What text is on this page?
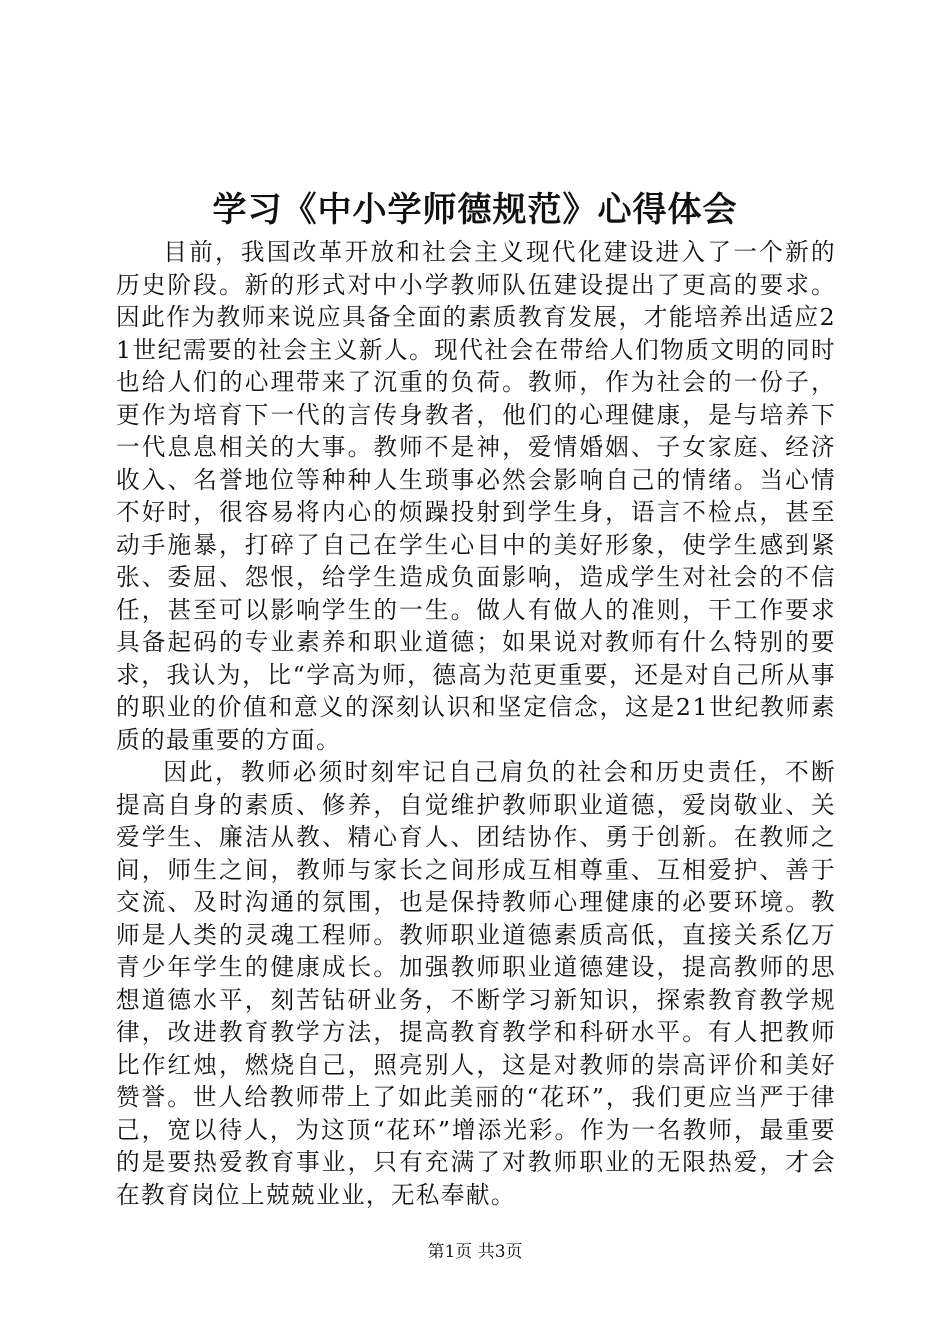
学习《中小学师德规范》心得体会

目前，我国改革开放和社会主义现代化建设进入了一个新的历史阶段。新的形式对中小学教师队伍建设提出了更高的要求。因此作为教师来说应具备全面的素质教育发展，才能培养出适应21世纪需要的社会主义新人。现代社会在带给人们物质文明的同时也给人们的心理带来了沉重的负荷。教师，作为社会的一份子，更作为培育下一代的言传身教者，他们的心理健康，是与培养下一代息息相关的大事。教师不是神，爱情婚姻、子女家庭、经济收入、名誉地位等种种人生琐事必然会影响自己的情绪。当心情不好时，很容易将内心的烦躁投射到学生身，语言不检点，甚至动手施暴，打碎了自己在学生心目中的美好形象，使学生感到紧张、委屈、怨恨，给学生造成负面影响，造成学生对社会的不信任，甚至可以影响学生的一生。做人有做人的准则，干工作要求具备起码的专业素养和职业道德；如果说对教师有什么特别的要求，我认为，比“学高为师，德高为范更重要，还是对自己所从事的职业的价值和意义的深刻认识和坚定信念，这是21世纪教师素质的最重要的方面。

因此，教师必须时刻牢记自己肩负的社会和历史责任，不断提高自身的素质、修养，自觉维护教师职业道德，爱岗敬业、关爱学生、廉洁从教、精心育人、团结协作、勇于创新。在教师之间，师生之间，教师与家长之间形成互相尊重、互相爱护、善于交流、及时沟通的氛围，也是保持教师心理健康的必要环境。教师是人类的灵魂工程师。教师职业道德素质高低，直接关系亿万青少年学生的健康成长。加强教师职业道德建设，提高教师的思想道德水平，刻苦钻研业务，不断学习新知识，探索教育教学规律，改进教育教学方法，提高教育教学和科研水平。有人把教师比作红烛，燃烧自己，照亮别人，这是对教师的崇高评价和美好赞誉。世人给教师带上了如此美丽的“花环”，我们更应当严于律己，宽以待人，为这顶“花环”增添光彩。作为一名教师，最重要的是要热爱教育事业，只有充满了对教师职业的无限热爱，才会在教育岗位上兢兢业业，无私奉献。

第1页 共3页
